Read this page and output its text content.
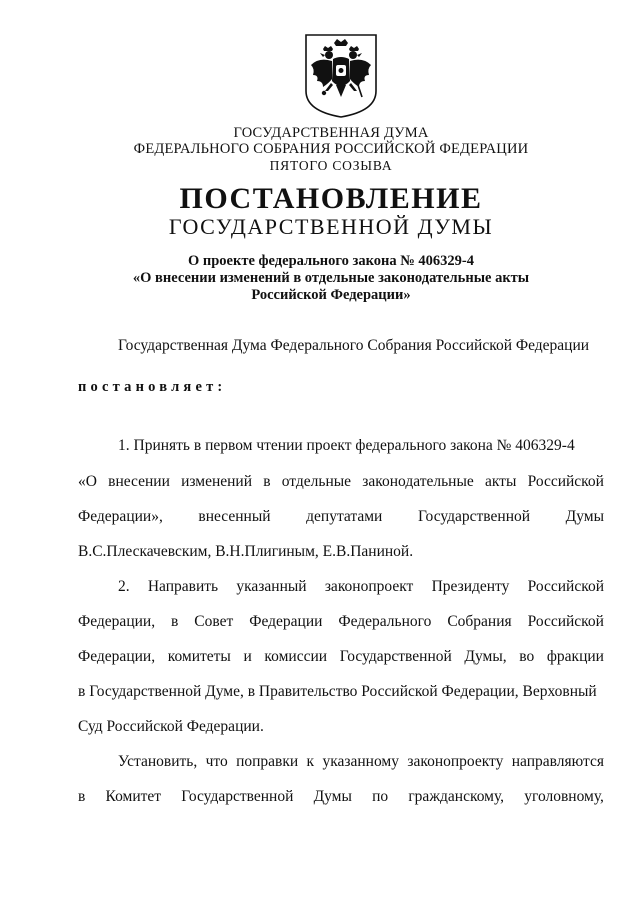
ГОСУДАРСТВЕННАЯ ДУМА
ФЕДЕРАЛЬНОГО СОБРАНИЯ РОССИЙСКОЙ ФЕДЕРАЦИИ
ПЯТОГО СОЗЫВА
ПОСТАНОВЛЕНИЕ
ГОСУДАРСТВЕННОЙ ДУМЫ
О проекте федерального закона № 406329-4
«О внесении изменений в отдельные законодательные акты
Российской Федерации»
Государственная Дума Федерального Собрания Российской Федерации
постановляет:
1. Принять в первом чтении проект федерального закона № 406329-4
«О внесении изменений в отдельные законодательные акты Российской
Федерации», внесенный депутатами Государственной Думы
В.С.Плескачевским, В.Н.Плигиным, Е.В.Паниной.
2. Направить указанный законопроект Президенту Российской
Федерации, в Совет Федерации Федерального Собрания Российской
Федерации, комитеты и комиссии Государственной Думы, во фракции
в Государственной Думе, в Правительство Российской Федерации, Верховный
Суд Российской Федерации.
Установить, что поправки к указанному законопроекту направляются
в Комитет Государственной Думы по гражданскому, уголовному,
